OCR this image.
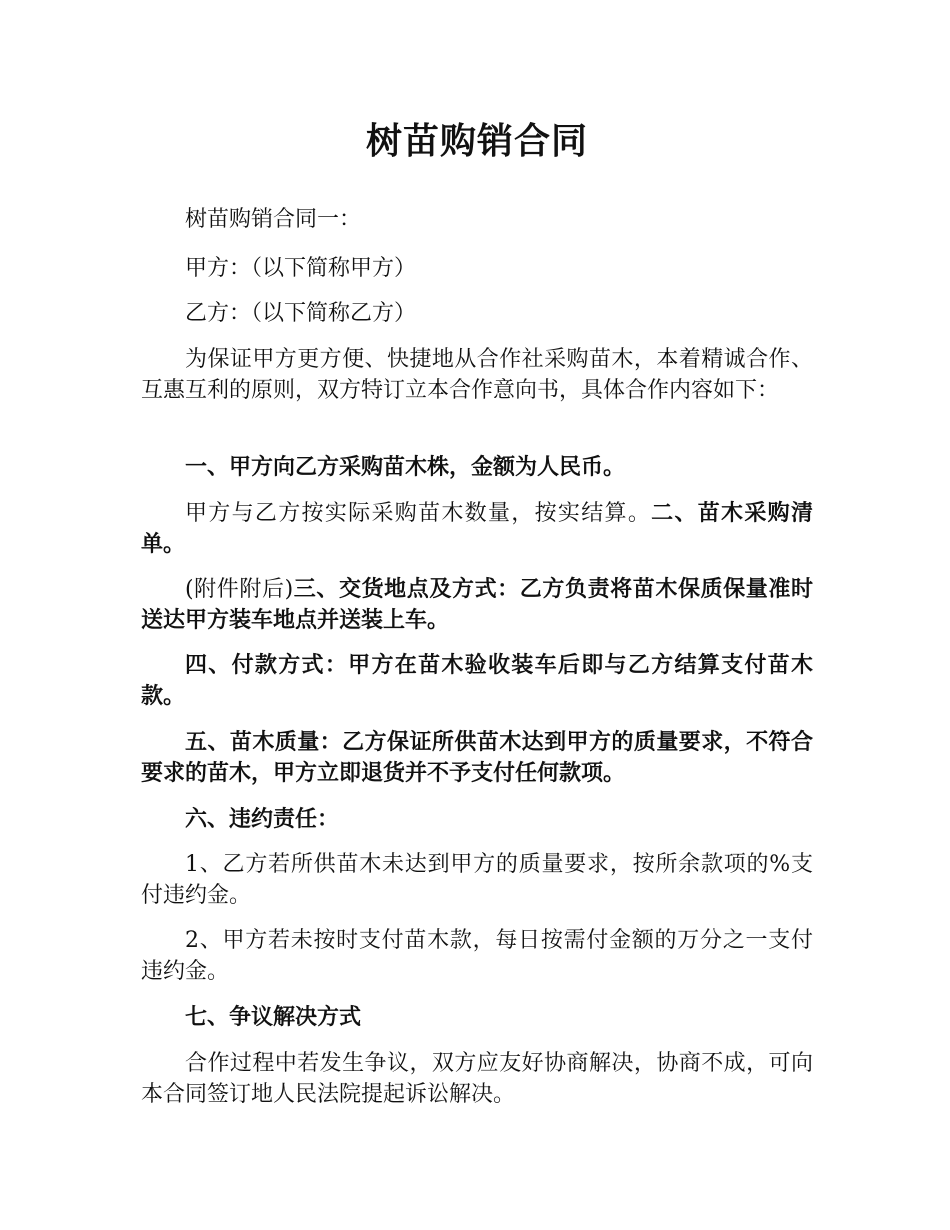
树苗购销合同

树苗购销合同一：

甲方：（以下简称甲方）

乙方：（以下简称乙方）

为保证甲方更方便、快捷地从合作社采购苗木，本着精诚合作、互惠互利的原则，双方特订立本合作意向书，具体合作内容如下：

一、甲方向乙方采购苗木株，金额为人民币。

甲方与乙方按实际采购苗木数量，按实结算。二、苗木采购清单。

(附件附后)三、交货地点及方式：乙方负责将苗木保质保量准时送达甲方装车地点并送装上车。

四、付款方式：甲方在苗木验收装车后即与乙方结算支付苗木款。

五、苗木质量：乙方保证所供苗木达到甲方的质量要求，不符合要求的苗木，甲方立即退货并不予支付任何款项。

六、违约责任：

1、乙方若所供苗木未达到甲方的质量要求，按所余款项的%支付违约金。

2、甲方若未按时支付苗木款，每日按需付金额的万分之一支付违约金。

七、争议解决方式

合作过程中若发生争议，双方应友好协商解决，协商不成，可向本合同签订地人民法院提起诉讼解决。
